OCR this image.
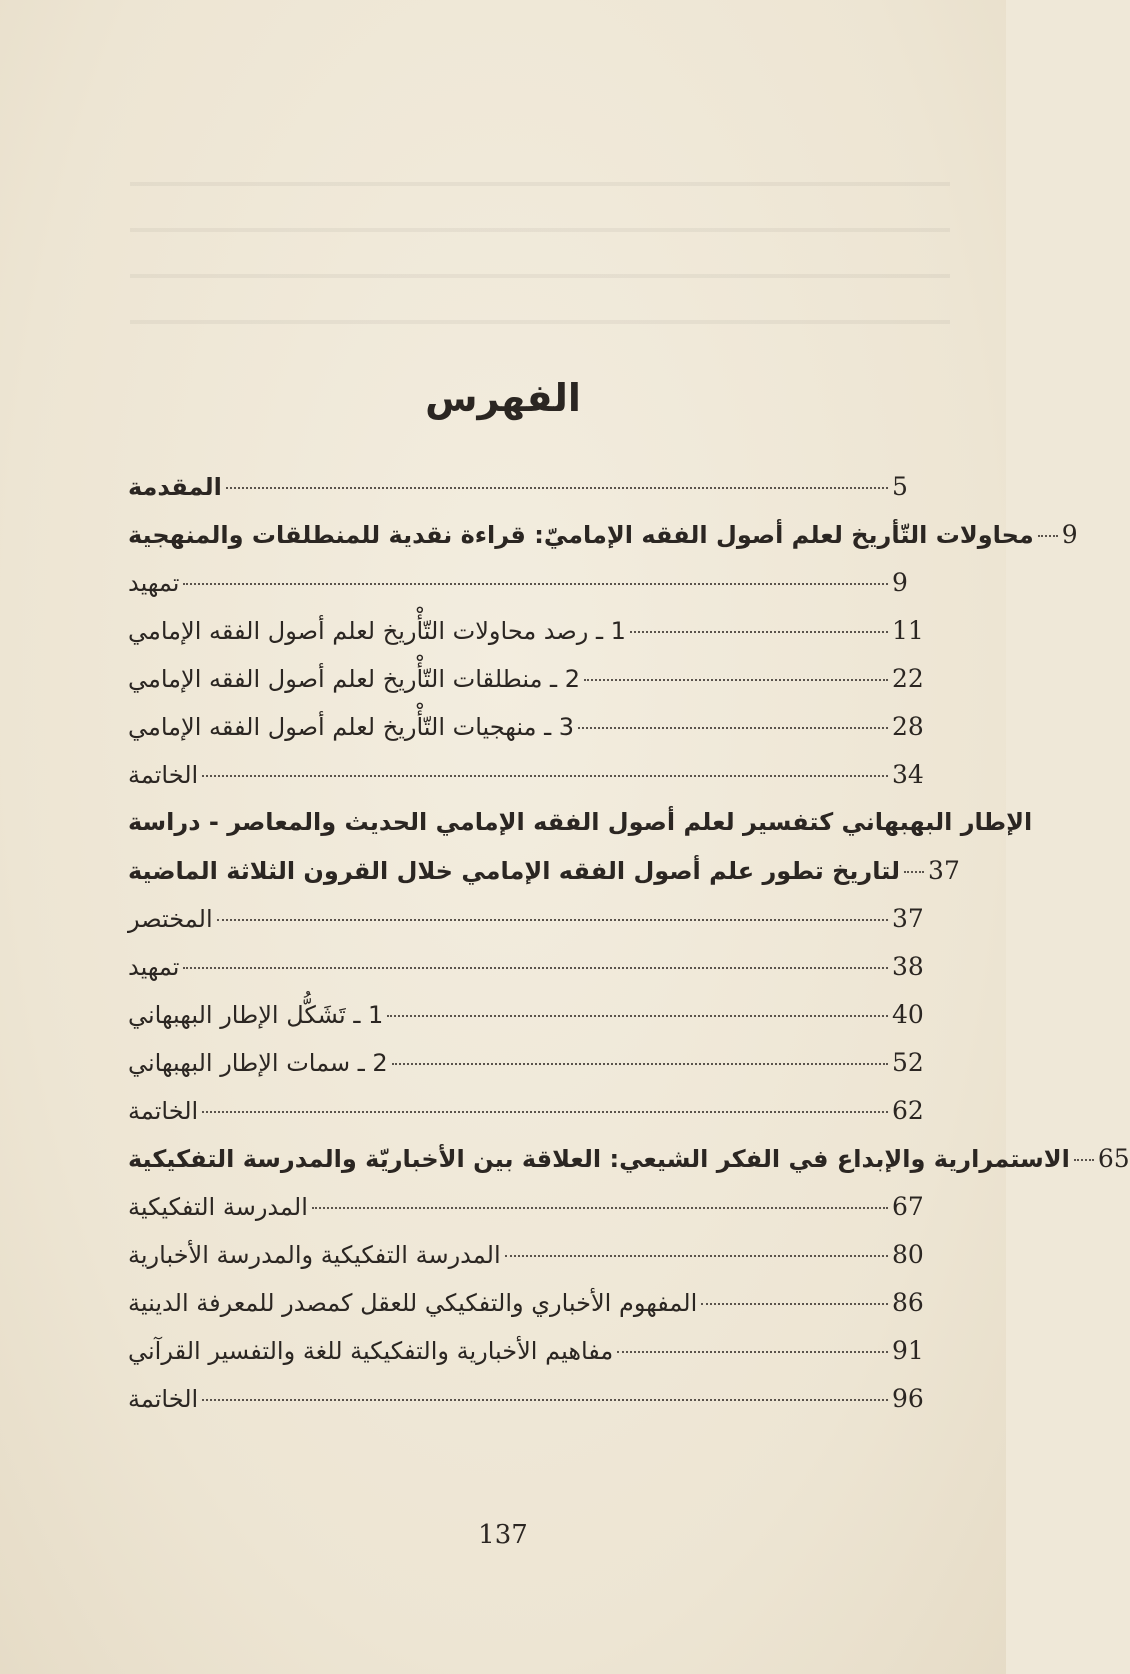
الفهرس
المقدمة	5
محاولات التّأريخ لعلم أصول الفقه الإماميّ: قراءة نقدية للمنطلقات والمنهجية 9
تمهيد	9
1 ـ رصد محاولات التّأْريخ لعلم أصول الفقه الإمامي	11
2 ـ منطلقات التّأْريخ لعلم أصول الفقه الإمامي	22
3 ـ منهجيات التّأْريخ لعلم أصول الفقه الإمامي	28
الخاتمة	34
الإطار البهبهاني كتفسير لعلم أصول الفقه الإمامي الحديث والمعاصر - دراسة
لتاريخ تطور علم أصول الفقه الإمامي خلال القرون الثلاثة الماضية 37
المختصر	37
تمهيد	38
1 ـ تَشَكُّل الإطار البهبهاني	40
2 ـ سمات الإطار البهبهاني	52
الخاتمة	62
الاستمرارية والإبداع في الفكر الشيعي: العلاقة بين الأخباريّة والمدرسة التفكيكية 65
المدرسة التفكيكية	67
المدرسة التفكيكية والمدرسة الأخبارية	80
المفهوم الأخباري والتفكيكي للعقل كمصدر للمعرفة الدينية	86
مفاهيم الأخبارية والتفكيكية للغة والتفسير القرآني	91
الخاتمة	96
137
